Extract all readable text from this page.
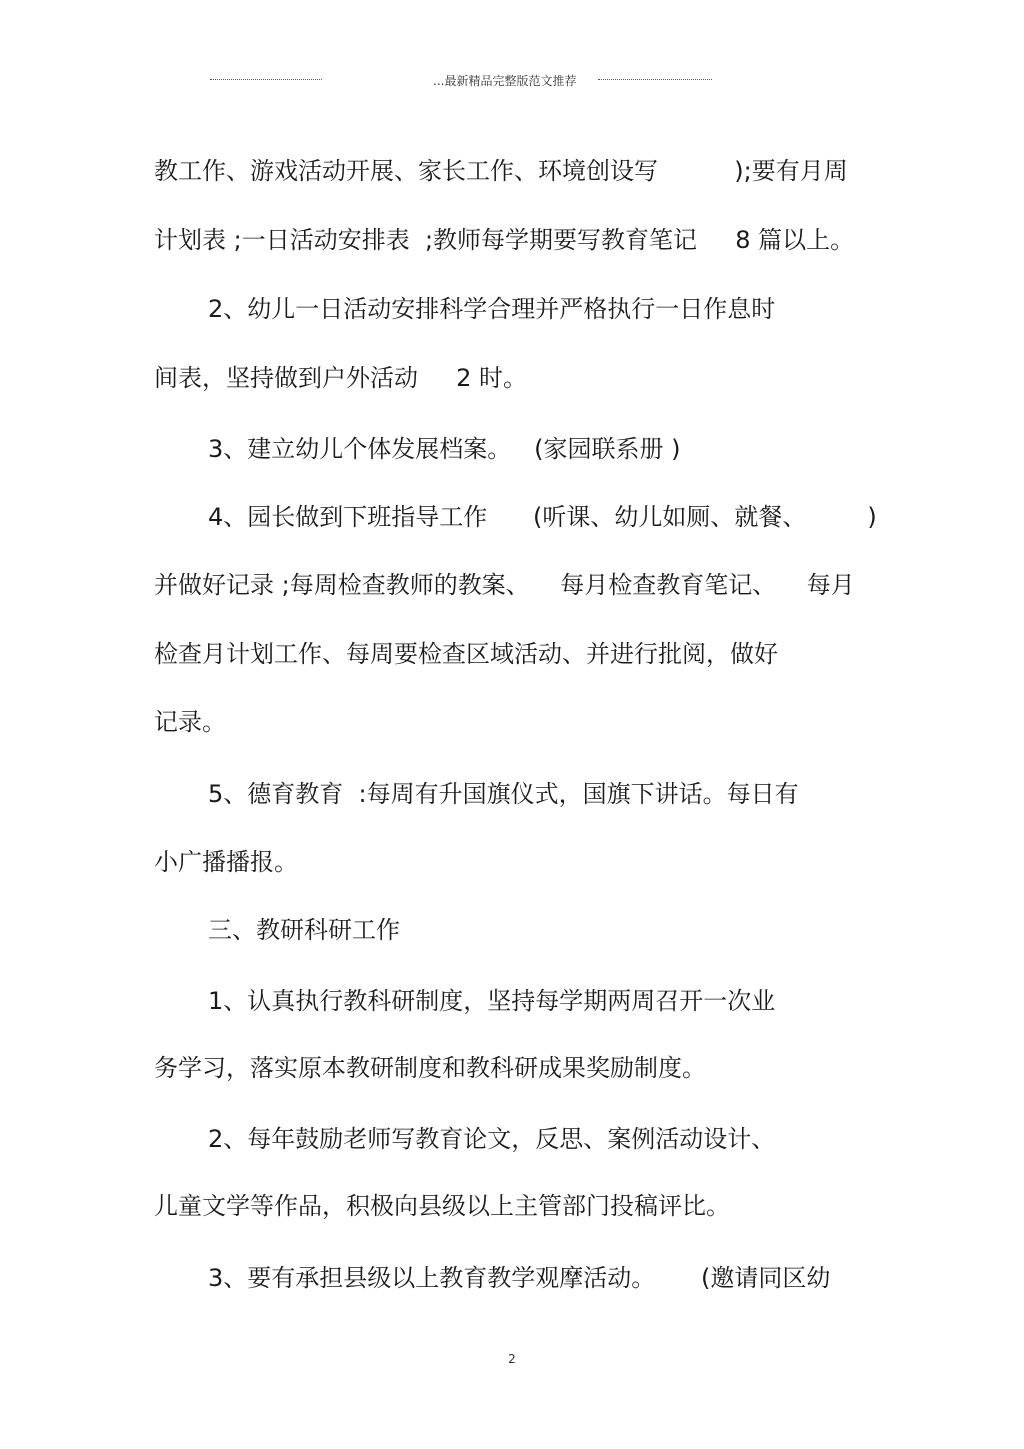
...最新精品完整版范文推荐

教工作、游戏活动开展、家长工作、环境创设写          );要有月周

计划表 ;一日活动安排表  ;教师每学期要写教育笔记     8 篇以上。

2、幼儿一日活动安排科学合理并严格执行一日作息时

间表，坚持做到户外活动     2 时。

3、建立幼儿个体发展档案。   (家园联系册 )

4、园长做到下班指导工作      (听课、幼儿如厕、就餐、        )

并做好记录 ;每周检查教师的教案、    每月检查教育笔记、    每月

检查月计划工作、每周要检查区域活动、并进行批阅，做好

记录。

5、德育教育  :每周有升国旗仪式，国旗下讲话。每日有

小广播播报。

三、教研科研工作

1、认真执行教科研制度，坚持每学期两周召开一次业

务学习，落实原本教研制度和教科研成果奖励制度。

2、每年鼓励老师写教育论文，反思、案例活动设计、

儿童文学等作品，积极向县级以上主管部门投稿评比。

3、要有承担县级以上教育教学观摩活动。      (邀请同区幼

2
